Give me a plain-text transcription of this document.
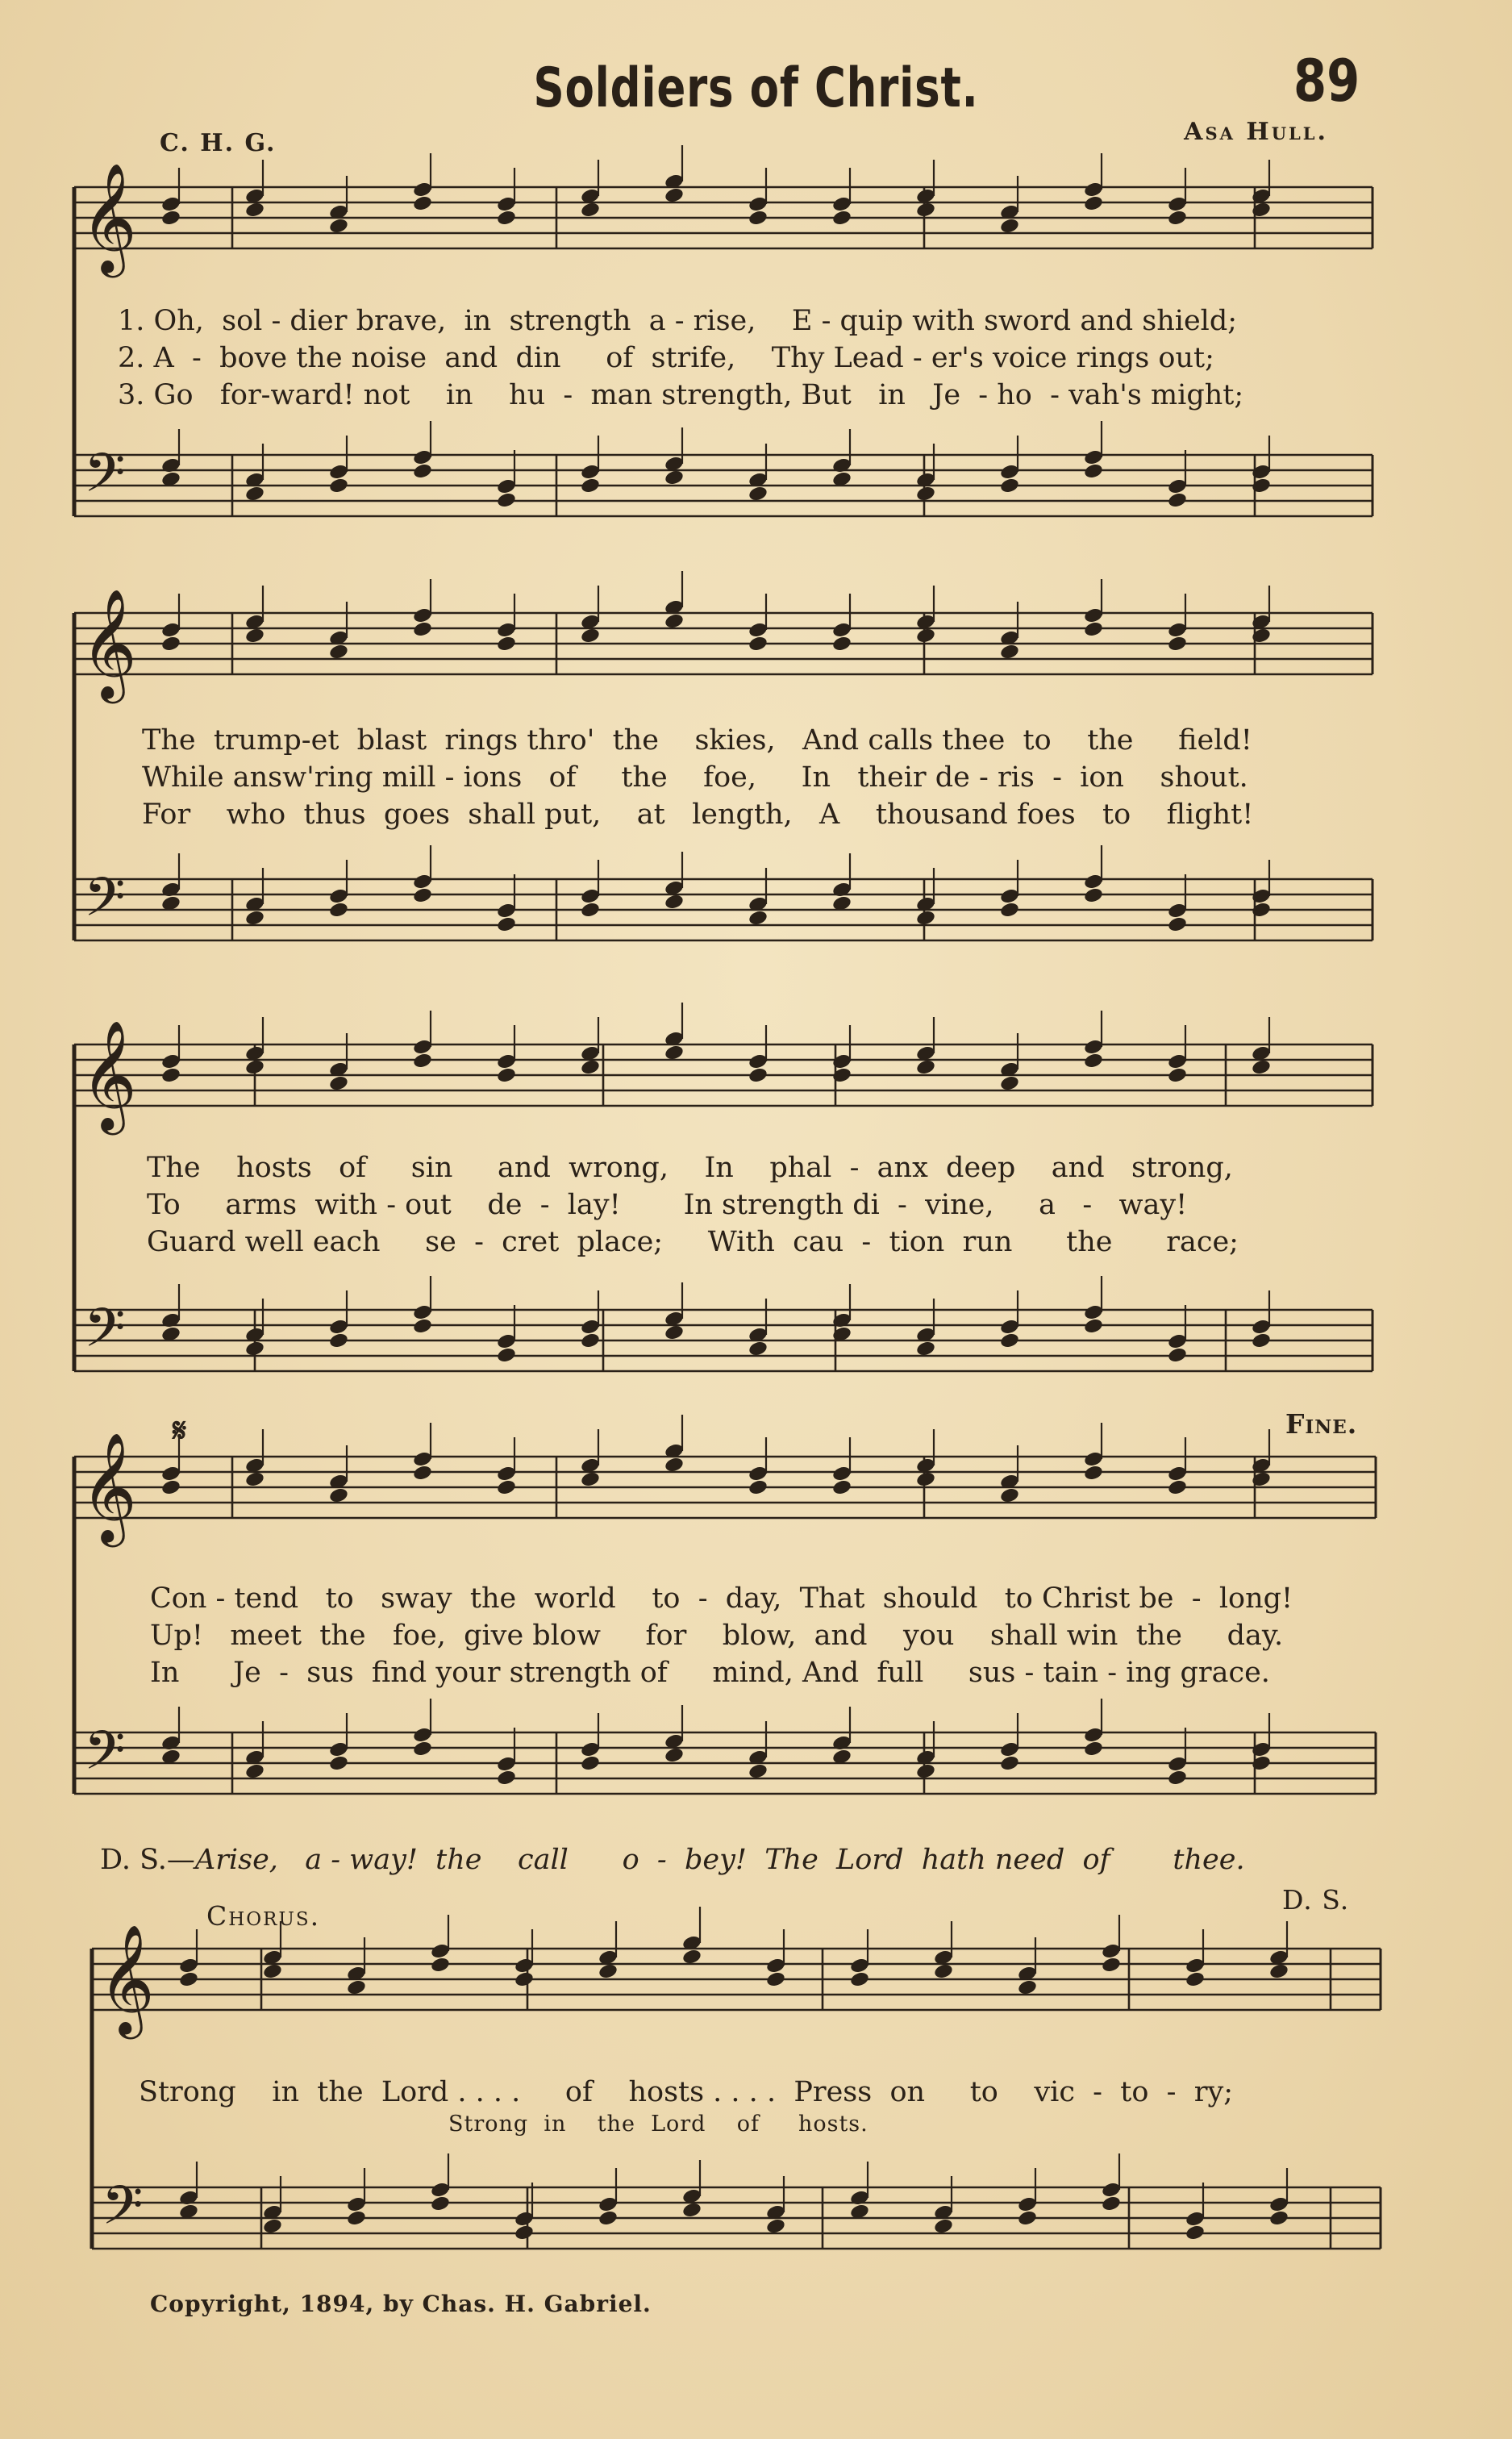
89
Soldiers of Christ.
C. H. G.	Asa Hull.
𝄞
𝄢
𝄞
𝄢
𝄞
𝄢
𝄞
𝄢
𝄞
𝄢
1. Oh,  sol - dier brave,  in  strength  a - rise,    E - quip with sword and shield;
2. A  -  bove the noise  and  din     of  strife,    Thy Lead - er's voice rings out;
3. Go   for-ward! not    in    hu  -  man strength, But   in   Je  - ho  - vah's might;
The  trump-et  blast  rings thro'  the    skies,   And calls thee  to    the     field!
While answ'ring mill - ions   of     the    foe,     In   their de - ris  -  ion    shout.
For    who  thus  goes  shall put,    at   length,   A    thousand foes   to    flight!
The    hosts   of     sin     and  wrong,    In    phal  -  anx  deep    and   strong,
To     arms  with - out    de  -  lay!       In strength di  -  vine,     a   -   way!
Guard well each     se  -  cret  place;     With  cau  -  tion  run      the      race;
𝄋	Fine.
Con - tend   to   sway  the  world    to  -  day,  That  should   to Christ be  -  long!
Up!   meet  the   foe,  give blow     for    blow,  and    you    shall win  the     day.
In      Je  -  sus  find your strength of     mind, And  full     sus - tain - ing grace.
D. S.—Arise,   a - way!  the    call      o  -  bey!  The  Lord  hath need  of       thee.
Chorus.
D. S.
Strong    in  the  Lord . . . .     of    hosts . . . .  Press  on     to    vic  -  to  -  ry;
Strong  in    the  Lord    of     hosts.
Copyright, 1894, by Chas. H. Gabriel.
